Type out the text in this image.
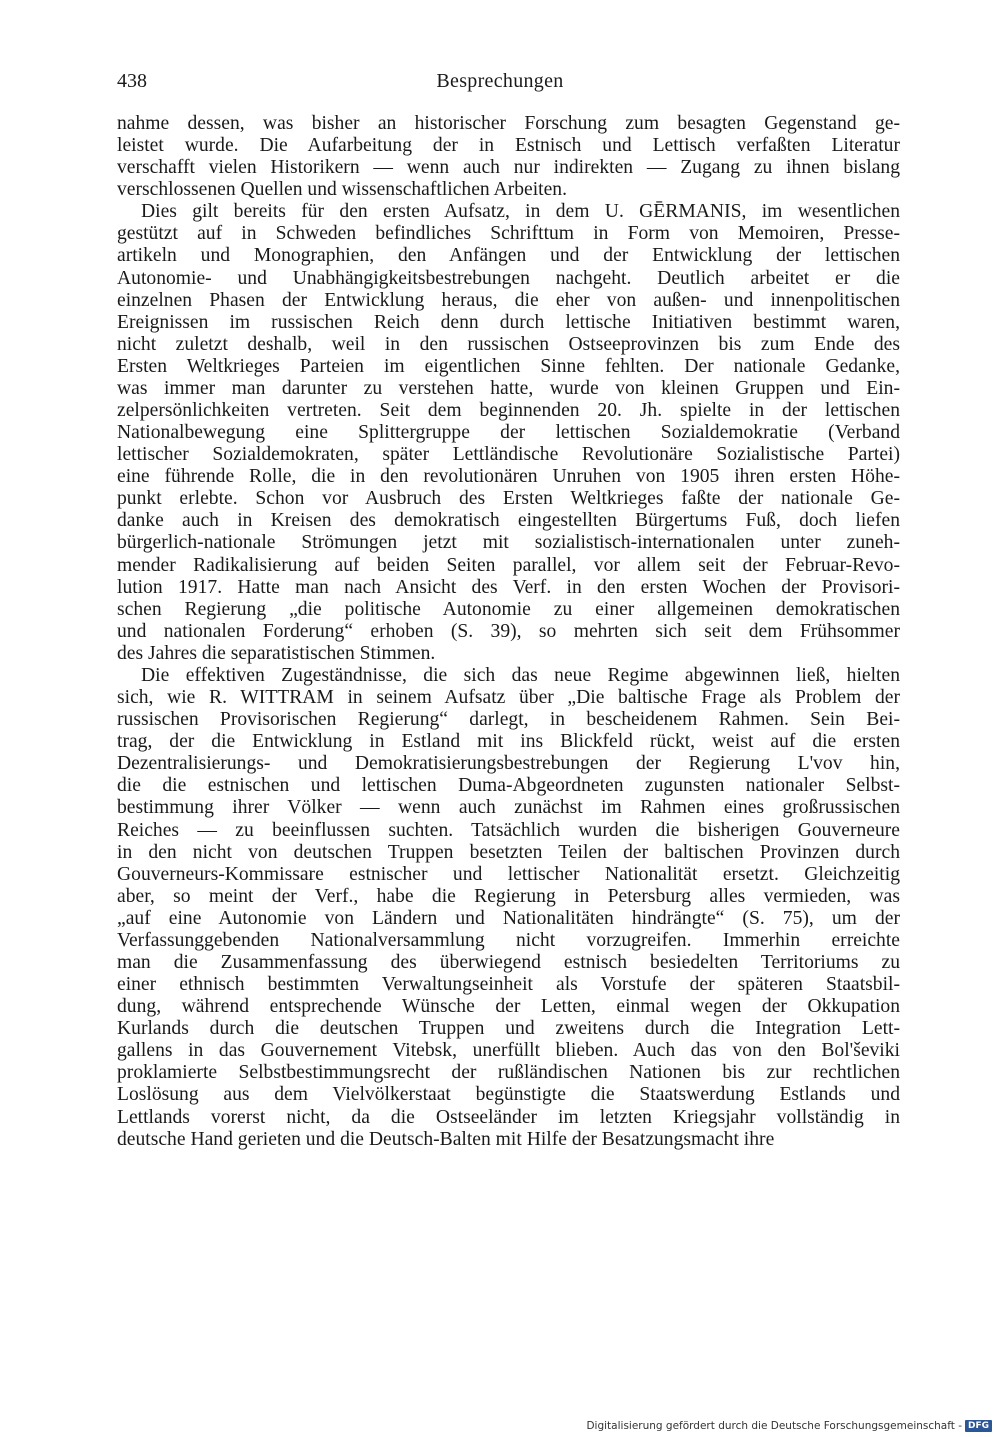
438	Besprechungen
nahme dessen, was bisher an historischer Forschung zum besagten Gegenstand ge-
leistet wurde. Die Aufarbeitung der in Estnisch und Lettisch verfaßten Literatur
verschafft vielen Historikern — wenn auch nur indirekten — Zugang zu ihnen bislang
verschlossenen Quellen und wissenschaftlichen Arbeiten.
Dies gilt bereits für den ersten Aufsatz, in dem U. GĒRMANIS, im wesentlichen
gestützt auf in Schweden befindliches Schrifttum in Form von Memoiren, Presse-
artikeln und Monographien, den Anfängen und der Entwicklung der lettischen
Autonomie- und Unabhängigkeitsbestrebungen nachgeht. Deutlich arbeitet er die
einzelnen Phasen der Entwicklung heraus, die eher von außen- und innenpolitischen
Ereignissen im russischen Reich denn durch lettische Initiativen bestimmt waren,
nicht zuletzt deshalb, weil in den russischen Ostseeprovinzen bis zum Ende des
Ersten Weltkrieges Parteien im eigentlichen Sinne fehlten. Der nationale Gedanke,
was immer man darunter zu verstehen hatte, wurde von kleinen Gruppen und Ein-
zelpersönlichkeiten vertreten. Seit dem beginnenden 20. Jh. spielte in der lettischen
Nationalbewegung eine Splittergruppe der lettischen Sozialdemokratie (Verband
lettischer Sozialdemokraten, später Lettländische Revolutionäre Sozialistische Partei)
eine führende Rolle, die in den revolutionären Unruhen von 1905 ihren ersten Höhe-
punkt erlebte. Schon vor Ausbruch des Ersten Weltkrieges faßte der nationale Ge-
danke auch in Kreisen des demokratisch eingestellten Bürgertums Fuß, doch liefen
bürgerlich-nationale Strömungen jetzt mit sozialistisch-internationalen unter zuneh-
mender Radikalisierung auf beiden Seiten parallel, vor allem seit der Februar-Revo-
lution 1917. Hatte man nach Ansicht des Verf. in den ersten Wochen der Provisori-
schen Regierung „die politische Autonomie zu einer allgemeinen demokratischen
und nationalen Forderung“ erhoben (S. 39), so mehrten sich seit dem Frühsommer
des Jahres die separatistischen Stimmen.
Die effektiven Zugeständnisse, die sich das neue Regime abgewinnen ließ, hielten
sich, wie R. WITTRAM in seinem Aufsatz über „Die baltische Frage als Problem der
russischen Provisorischen Regierung“ darlegt, in bescheidenem Rahmen. Sein Bei-
trag, der die Entwicklung in Estland mit ins Blickfeld rückt, weist auf die ersten
Dezentralisierungs- und Demokratisierungsbestrebungen der Regierung L'vov hin,
die die estnischen und lettischen Duma-Abgeordneten zugunsten nationaler Selbst-
bestimmung ihrer Völker — wenn auch zunächst im Rahmen eines großrussischen
Reiches — zu beeinflussen suchten. Tatsächlich wurden die bisherigen Gouverneure
in den nicht von deutschen Truppen besetzten Teilen der baltischen Provinzen durch
Gouverneurs-Kommissare estnischer und lettischer Nationalität ersetzt. Gleichzeitig
aber, so meint der Verf., habe die Regierung in Petersburg alles vermieden, was
„auf eine Autonomie von Ländern und Nationalitäten hindrängte“ (S. 75), um der
Verfassunggebenden Nationalversammlung nicht vorzugreifen. Immerhin erreichte
man die Zusammenfassung des überwiegend estnisch besiedelten Territoriums zu
einer ethnisch bestimmten Verwaltungseinheit als Vorstufe der späteren Staatsbil-
dung, während entsprechende Wünsche der Letten, einmal wegen der Okkupation
Kurlands durch die deutschen Truppen und zweitens durch die Integration Lett-
gallens in das Gouvernement Vitebsk, unerfüllt blieben. Auch das von den Bol'ševiki
proklamierte Selbstbestimmungsrecht der rußländischen Nationen bis zur rechtlichen
Loslösung aus dem Vielvölkerstaat begünstigte die Staatswerdung Estlands und
Lettlands vorerst nicht, da die Ostseeländer im letzten Kriegsjahr vollständig in
deutsche Hand gerieten und die Deutsch-Balten mit Hilfe der Besatzungsmacht ihre
Digitalisierung gefördert durch die Deutsche Forschungsgemeinschaft - DFG
